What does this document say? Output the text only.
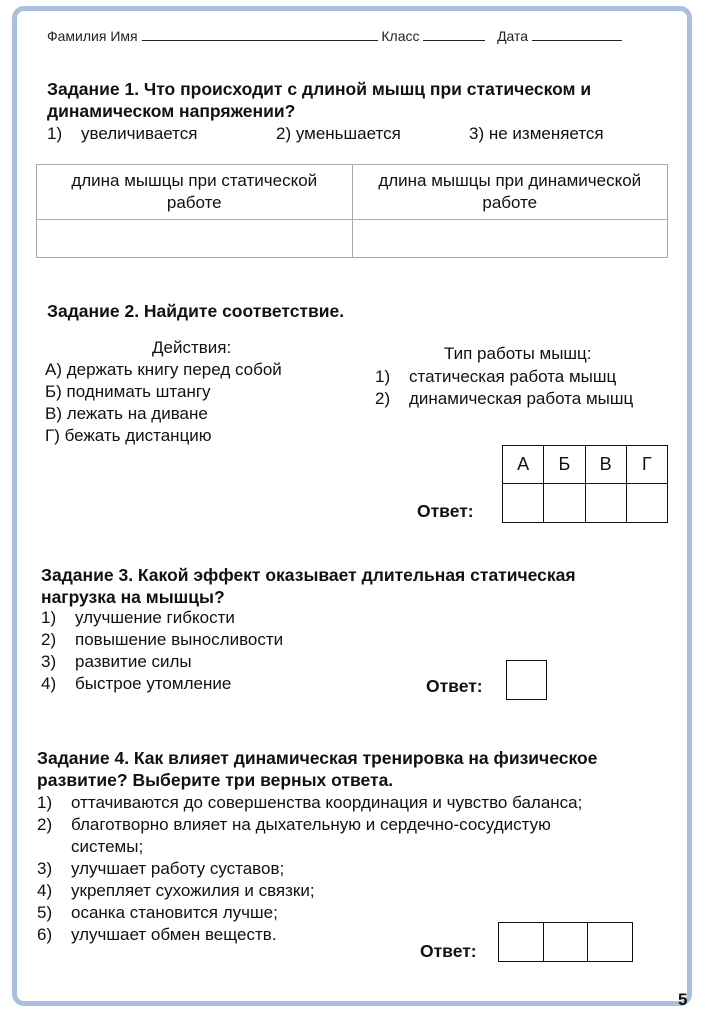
Фамилия Имя	Класс	Дата
Задание 1. Что происходит с длиной мышц при статическом и
динамическом напряжении?
1) увеличивается	2) уменьшается	3) не изменяется
длина мышцы при статической
работе	длина мышцы при динамической
работе

Задание 2. Найдите соответствие.
Действия:
А) держать книгу перед собой
Б) поднимать штангу
В) лежать на диване
Г) бежать дистанцию
Тип работы мышц:
1) статическая работа мышц
2) динамическая работа мышц
Ответ:
А	Б	В	Г

Задание 3. Какой эффект оказывает длительная статическая
нагрузка на мышцы?
1) улучшение гибкости
2) повышение выносливости
3) развитие силы
4) быстрое утомление	Ответ:
Задание 4. Как влияет динамическая тренировка на физическое
развитие? Выберите три верных ответа.
1) оттачиваются до совершенства координация и чувство баланса;
2) благотворно влияет на дыхательную и сердечно-сосудистую
системы;
3) улучшает работу суставов;
4) укрепляет сухожилия и связки;
5) осанка становится лучше;
6) улучшает обмен веществ.
Ответ:

5
